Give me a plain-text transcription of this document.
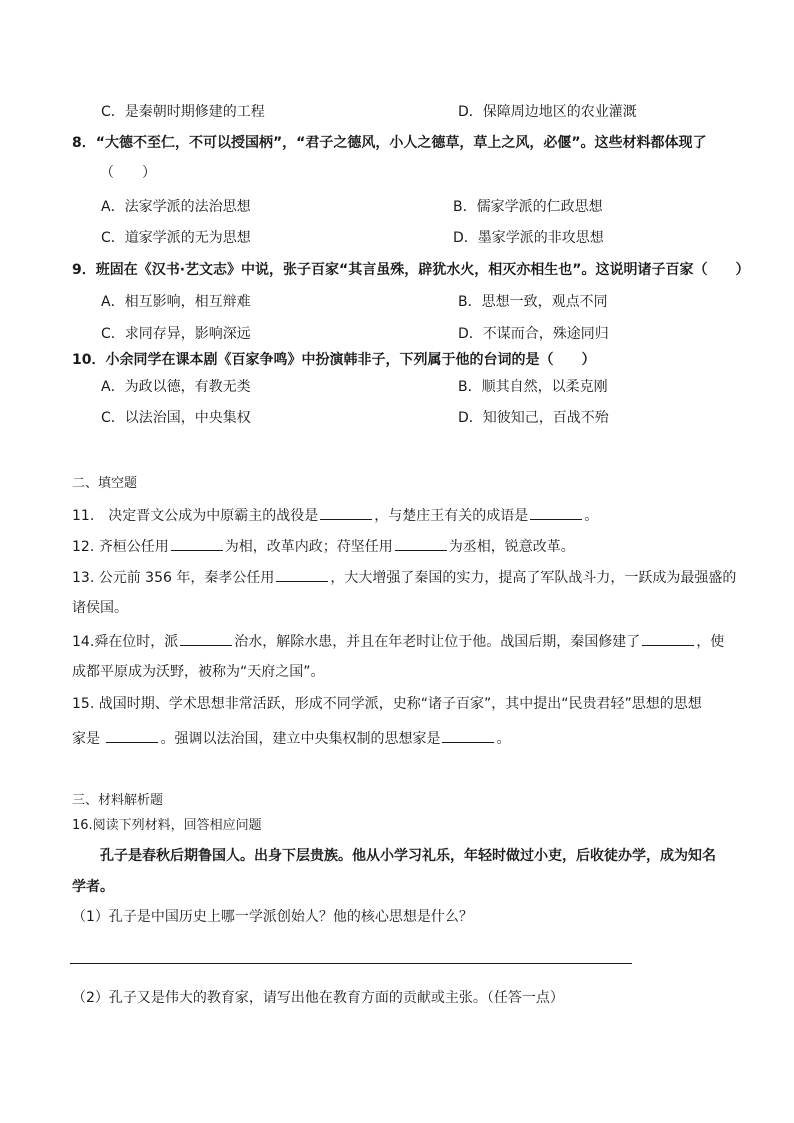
C．是秦朝时期修建的工程	D．保障周边地区的农业灌溉
8．“大德不至仁，不可以授国柄”，“君子之德风，小人之德草，草上之风，必偃”。这些材料都体现了
（　　）
A．法家学派的法治思想	B．儒家学派的仁政思想
C．道家学派的无为思想	D．墨家学派的非攻思想
9．班固在《汉书·艺文志》中说，张子百家“其言虽殊，辟犹水火，相灭亦相生也”。这说明诸子百家（　　）
A．相互影响，相互辩难	B．思想一致，观点不同
C．求同存异，影响深远	D．不谋而合，殊途同归
10．小余同学在课本剧《百家争鸣》中扮演韩非子，下列属于他的台词的是（　　）
A．为政以德，有教无类	B．顺其自然，以柔克刚
C．以法治国，中央集权	D．知彼知己，百战不殆
二、填空题
11.　决定晋文公成为中原霸主的战役是	，与楚庄王有关的成语是	。
12. 齐桓公任用	为相，改革内政；苻坚任用	为丞相，锐意改革。
13. 公元前 356 年，秦孝公任用	，大大增强了秦国的实力，提高了军队战斗力，一跃成为最强盛的
诸侯国。
14.舜在位时，派	治水，解除水患，并且在年老时让位于他。战国后期，秦国修建了	，使
成都平原成为沃野，被称为“天府之国”。
15. 战国时期、学术思想非常活跃，形成不同学派，史称“诸子百家”，其中提出“民贵君轻”思想的思想
家是	。强调以法治国，建立中央集权制的思想家是	。
三、材料解析题
16.阅读下列材料，回答相应问题
孔子是春秋后期鲁国人。出身下层贵族。他从小学习礼乐，年轻时做过小吏，后收徒办学，成为知名
学者。
（1）孔子是中国历史上哪一学派创始人？他的核心思想是什么？
（2）孔子又是伟大的教育家，请写出他在教育方面的贡献或主张。（任答一点）
